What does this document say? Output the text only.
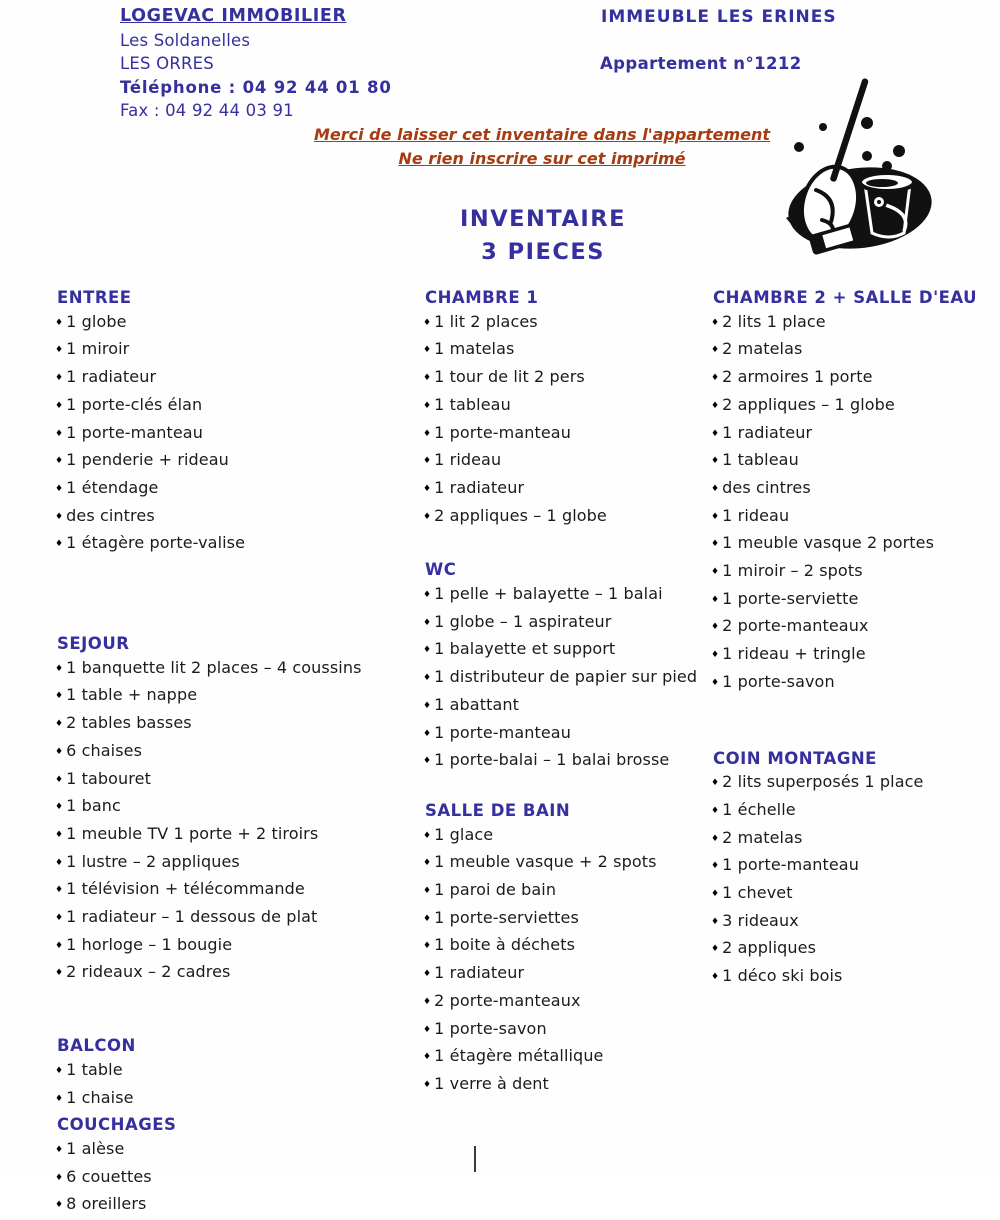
LOGEVAC IMMOBILIER
Les Soldanelles
LES ORRES
Téléphone : 04 92 44 01 80
Fax : 04 92 44 03 91
IMMEUBLE LES ERINES
Appartement n°1212
Merci de laisser cet inventaire dans l'appartement
Ne rien inscrire sur cet imprimé
INVENTAIRE
3 PIECES
ENTREE
♦ 1 globe
♦ 1 miroir
♦ 1 radiateur
♦ 1 porte-clés élan
♦ 1 porte-manteau
♦ 1 penderie + rideau
♦ 1 étendage
♦ des cintres
♦ 1 étagère porte-valise
SEJOUR
♦ 1 banquette lit 2 places – 4 coussins
♦ 1 table + nappe
♦ 2 tables basses
♦ 6 chaises
♦ 1 tabouret
♦ 1 banc
♦ 1 meuble TV 1 porte + 2 tiroirs
♦ 1 lustre – 2 appliques
♦ 1 télévision + télécommande
♦ 1 radiateur – 1 dessous de plat
♦ 1 horloge – 1 bougie
♦ 2 rideaux – 2 cadres
BALCON
♦ 1 table
♦ 1 chaise
COUCHAGES
♦ 1 alèse
♦ 6 couettes
♦ 8 oreillers
CHAMBRE 1
♦ 1 lit 2 places
♦ 1 matelas
♦ 1 tour de lit 2 pers
♦ 1 tableau
♦ 1 porte-manteau
♦ 1 rideau
♦ 1 radiateur
♦ 2 appliques – 1 globe
WC
♦ 1 pelle + balayette – 1 balai
♦ 1 globe – 1 aspirateur
♦ 1 balayette et support
♦ 1 distributeur de papier sur pied
♦ 1 abattant
♦ 1 porte-manteau
♦ 1 porte-balai – 1 balai brosse
SALLE DE BAIN
♦ 1 glace
♦ 1 meuble vasque + 2 spots
♦ 1 paroi de bain
♦ 1 porte-serviettes
♦ 1 boite à déchets
♦ 1 radiateur
♦ 2 porte-manteaux
♦ 1 porte-savon
♦ 1 étagère métallique
♦ 1 verre à dent
CHAMBRE 2 + SALLE D'EAU
♦ 2 lits 1 place
♦ 2 matelas
♦ 2 armoires 1 porte
♦ 2 appliques – 1 globe
♦ 1 radiateur
♦ 1 tableau
♦ des cintres
♦ 1 rideau
♦ 1 meuble vasque 2 portes
♦ 1 miroir – 2 spots
♦ 1 porte-serviette
♦ 2 porte-manteaux
♦ 1 rideau + tringle
♦ 1 porte-savon
COIN MONTAGNE
♦ 2 lits superposés 1 place
♦ 1 échelle
♦ 2 matelas
♦ 1 porte-manteau
♦ 1 chevet
♦ 3 rideaux
♦ 2 appliques
♦ 1 déco ski bois
